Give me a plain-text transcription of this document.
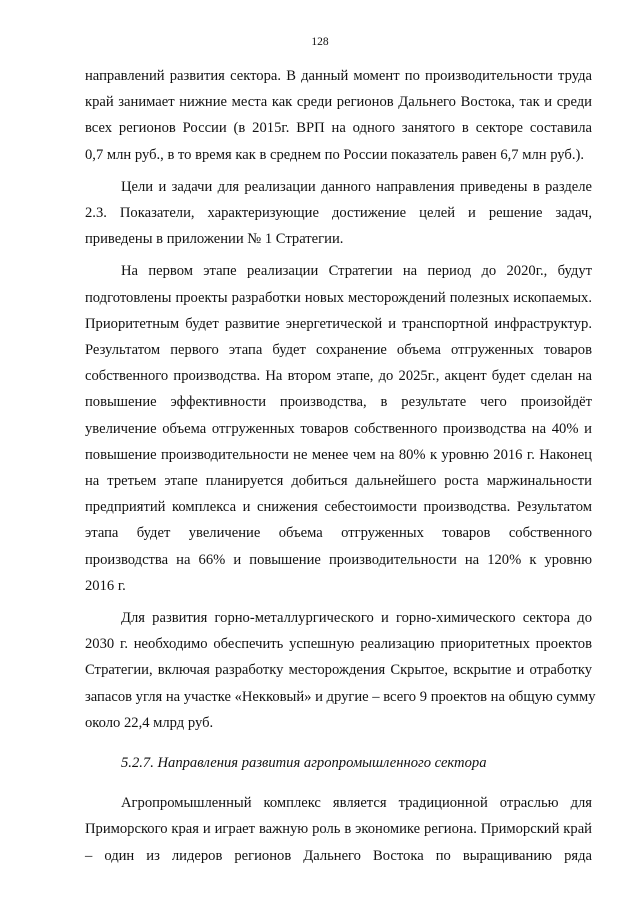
128
направлений развития сектора. В данный момент по производительности труда
край занимает нижние места как среди регионов Дальнего Востока, так и среди
всех регионов России (в 2015г. ВРП на одного занятого в секторе составила
0,7 млн руб., в то время как в среднем по России показатель равен 6,7 млн руб.).
Цели и задачи для реализации данного направления приведены в разделе
2.3. Показатели, характеризующие достижение целей и решение задач,
приведены в приложении № 1 Стратегии.
На первом этапе реализации Стратегии на период до 2020г., будут
подготовлены проекты разработки новых месторождений полезных ископаемых.
Приоритетным будет развитие энергетической и транспортной инфраструктур.
Результатом первого этапа будет сохранение объема отгруженных товаров
собственного производства. На втором этапе, до 2025г., акцент будет сделан на
повышение эффективности производства, в результате чего произойдёт
увеличение объема отгруженных товаров собственного производства на 40% и
повышение производительности не менее чем на 80% к уровню 2016 г. Наконец
на третьем этапе планируется добиться дальнейшего роста маржинальности
предприятий комплекса и снижения себестоимости производства. Результатом
этапа будет увеличение объема отгруженных товаров собственного
производства на 66% и повышение производительности на 120% к уровню
2016 г.
Для развития горно-металлургического и горно-химического сектора до
2030 г. необходимо обеспечить успешную реализацию приоритетных проектов
Стратегии, включая разработку месторождения Скрытое, вскрытие и отработку
запасов угля на участке «Некковый» и другие – всего 9 проектов на общую сумму
около 22,4 млрд руб.
5.2.7. Направления развития агропромышленного сектора
Агропромышленный комплекс является традиционной отраслью для
Приморского края и играет важную роль в экономике региона. Приморский край
– один из лидеров регионов Дальнего Востока по выращиванию ряда
